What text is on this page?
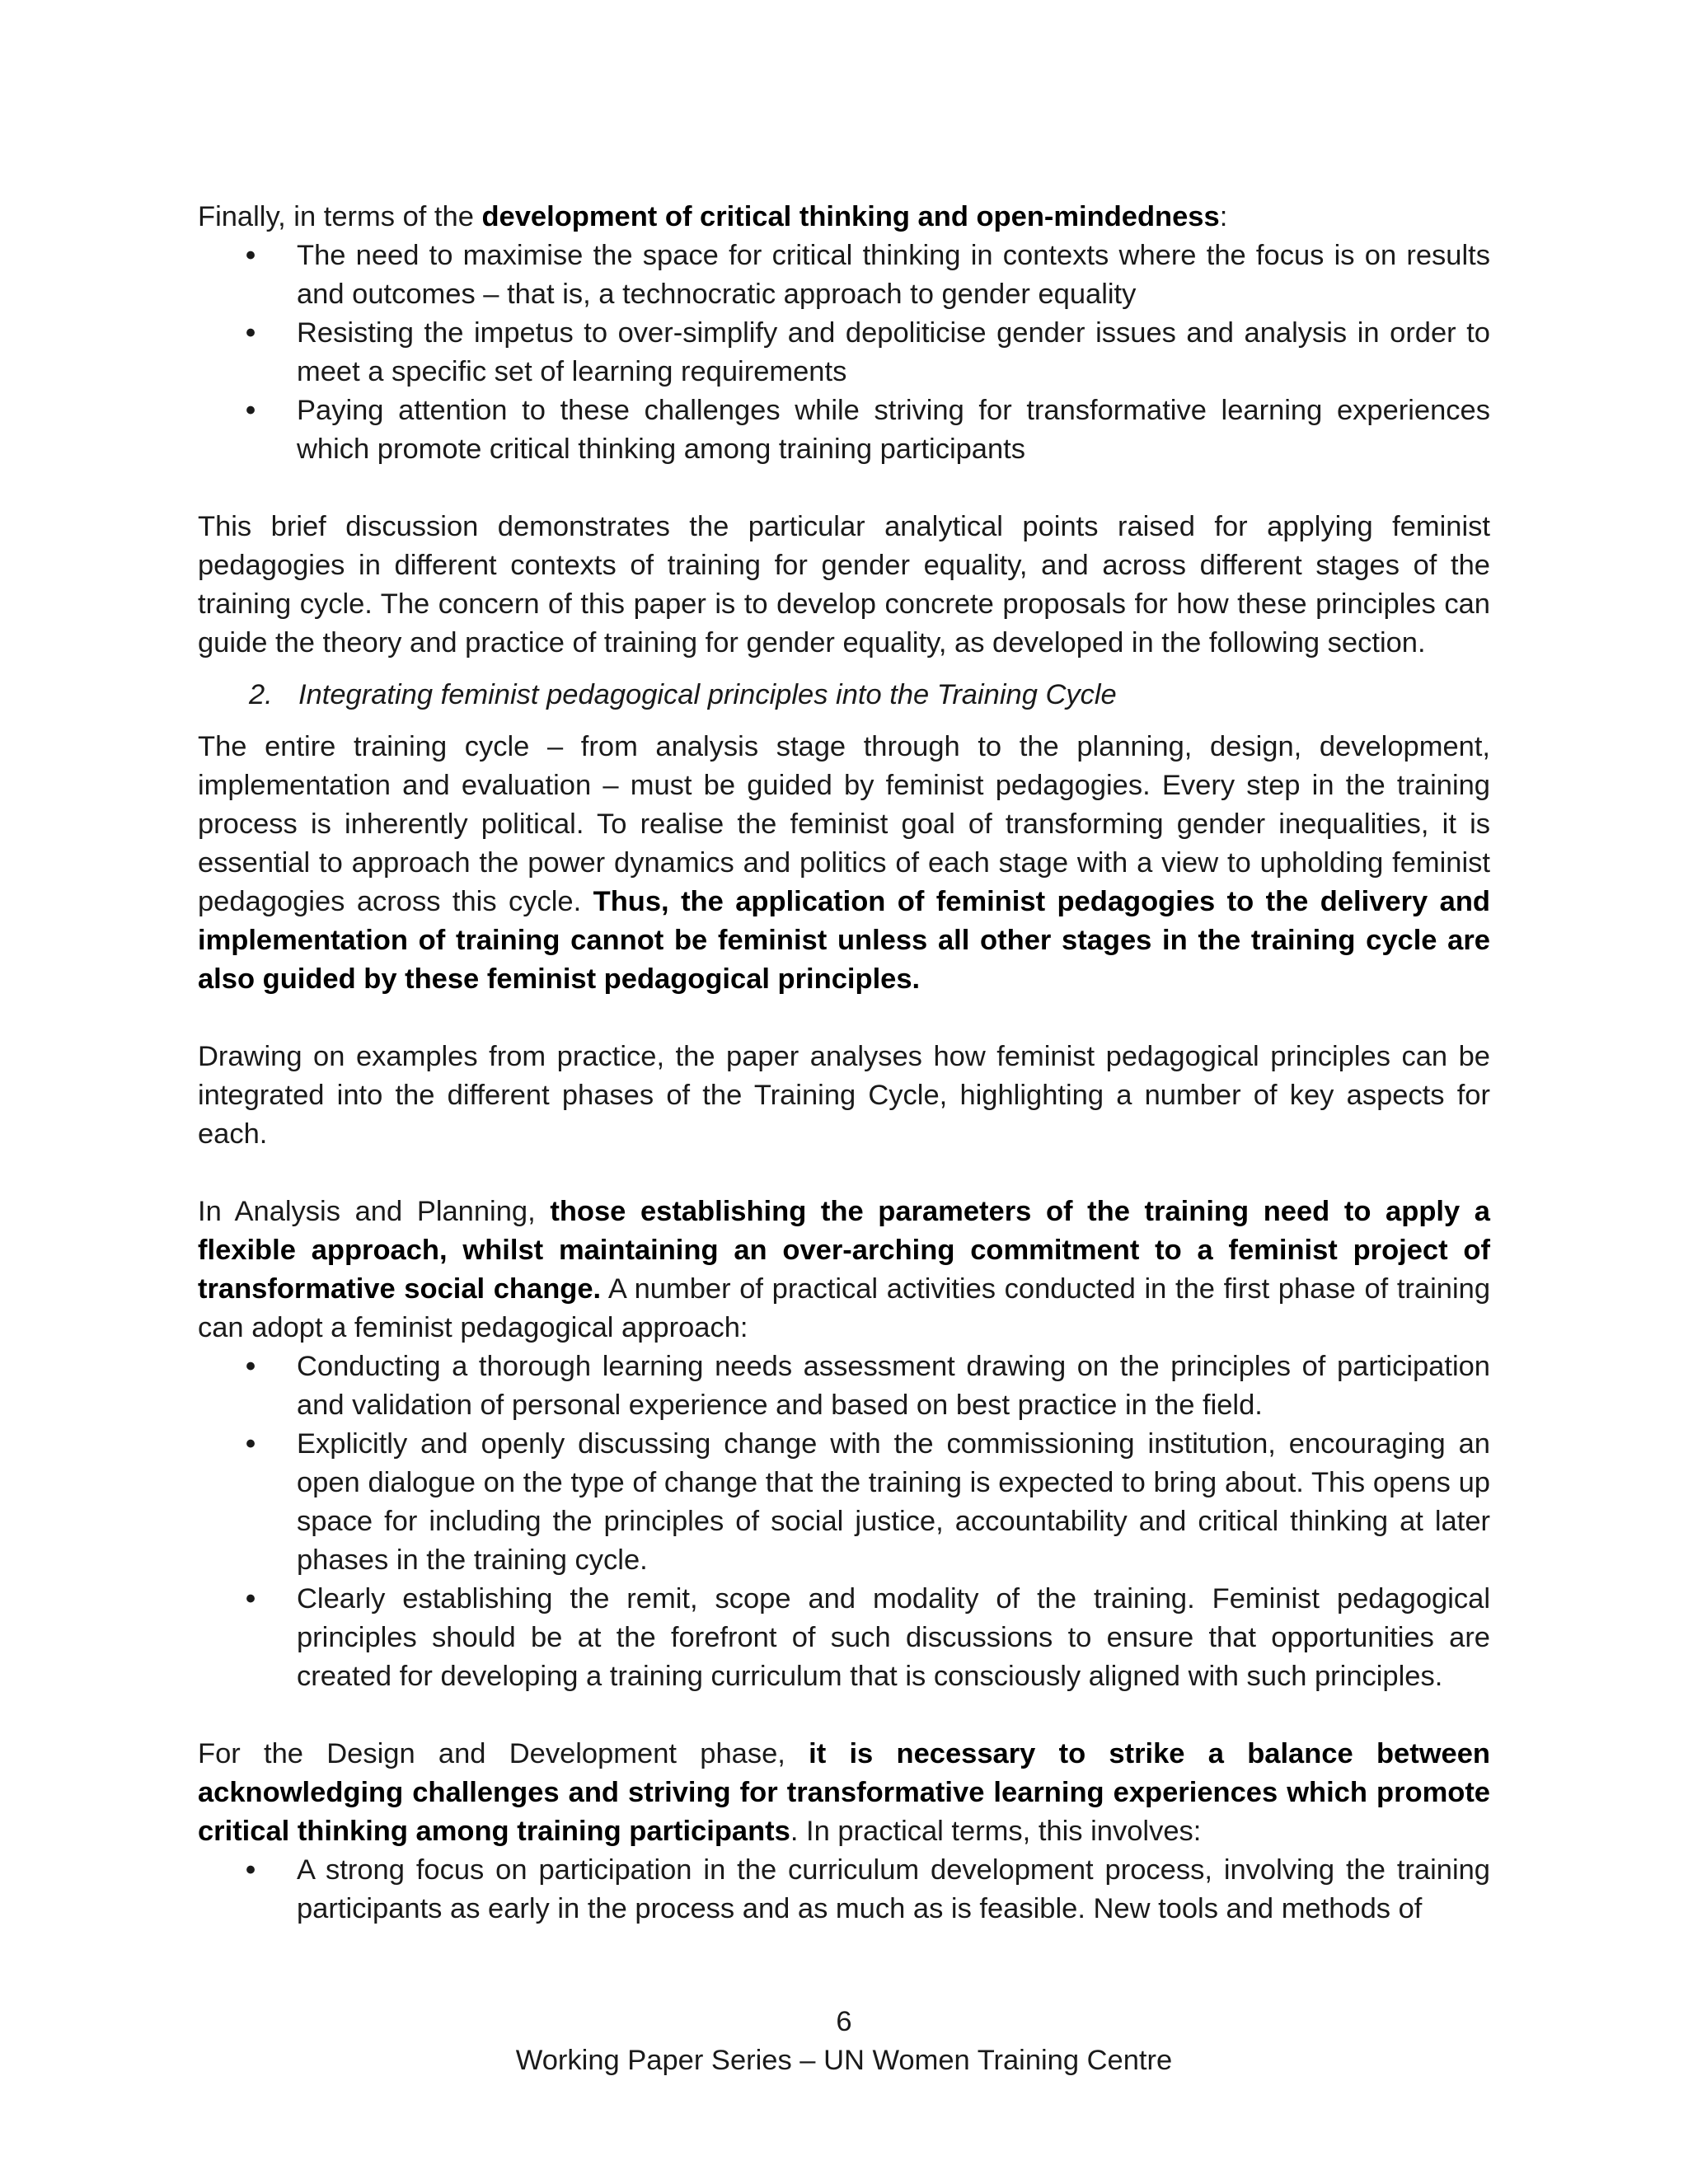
Finally, in terms of the development of critical thinking and open-mindedness:

• The need to maximise the space for critical thinking in contexts where the focus is on results and outcomes – that is, a technocratic approach to gender equality
• Resisting the impetus to over-simplify and depoliticise gender issues and analysis in order to meet a specific set of learning requirements
• Paying attention to these challenges while striving for transformative learning experiences which promote critical thinking among training participants

This brief discussion demonstrates the particular analytical points raised for applying feminist pedagogies in different contexts of training for gender equality, and across different stages of the training cycle. The concern of this paper is to develop concrete proposals for how these principles can guide the theory and practice of training for gender equality, as developed in the following section.

2. Integrating feminist pedagogical principles into the Training Cycle

The entire training cycle – from analysis stage through to the planning, design, development, implementation and evaluation – must be guided by feminist pedagogies. Every step in the training process is inherently political. To realise the feminist goal of transforming gender inequalities, it is essential to approach the power dynamics and politics of each stage with a view to upholding feminist pedagogies across this cycle. Thus, the application of feminist pedagogies to the delivery and implementation of training cannot be feminist unless all other stages in the training cycle are also guided by these feminist pedagogical principles.

Drawing on examples from practice, the paper analyses how feminist pedagogical principles can be integrated into the different phases of the Training Cycle, highlighting a number of key aspects for each.

In Analysis and Planning, those establishing the parameters of the training need to apply a flexible approach, whilst maintaining an over-arching commitment to a feminist project of transformative social change. A number of practical activities conducted in the first phase of training can adopt a feminist pedagogical approach:

• Conducting a thorough learning needs assessment drawing on the principles of participation and validation of personal experience and based on best practice in the field.
• Explicitly and openly discussing change with the commissioning institution, encouraging an open dialogue on the type of change that the training is expected to bring about. This opens up space for including the principles of social justice, accountability and critical thinking at later phases in the training cycle.
• Clearly establishing the remit, scope and modality of the training. Feminist pedagogical principles should be at the forefront of such discussions to ensure that opportunities are created for developing a training curriculum that is consciously aligned with such principles.

For the Design and Development phase, it is necessary to strike a balance between acknowledging challenges and striving for transformative learning experiences which promote critical thinking among training participants. In practical terms, this involves:

• A strong focus on participation in the curriculum development process, involving the training participants as early in the process and as much as is feasible. New tools and methods of
6
Working Paper Series – UN Women Training Centre
